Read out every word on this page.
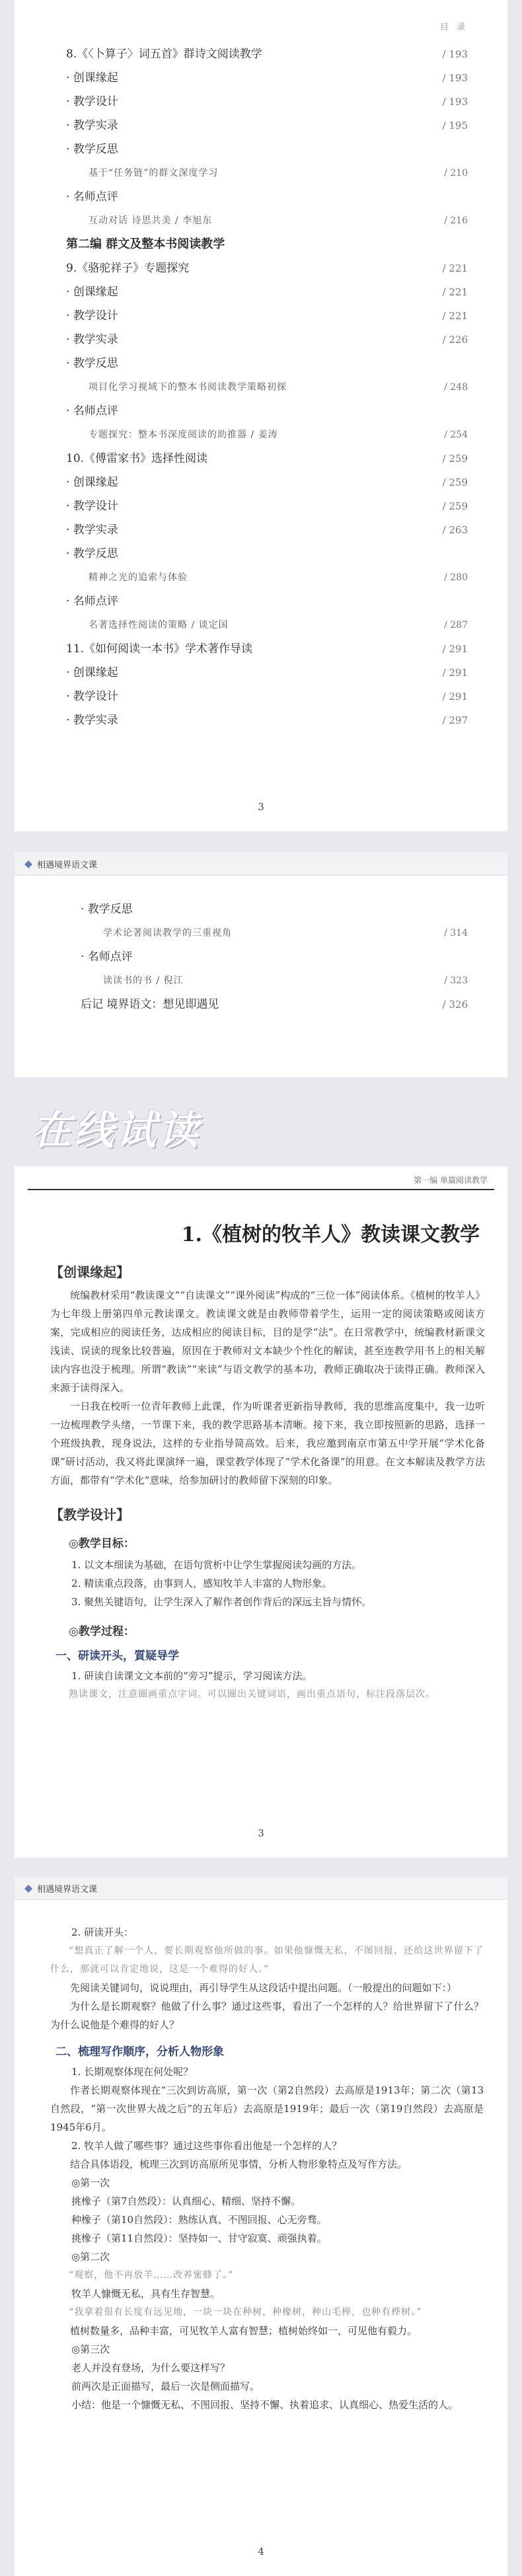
目 录
8.《〈卜算子〉词五首》群诗文阅读教学	/ 193
· 创课缘起	/ 193
· 教学设计	/ 193
· 教学实录	/ 195
· 教学反思
基于“任务链”的群文深度学习	/ 210
· 名师点评
互动对话 诗思共美 / 李旭东	/ 216
第二编 群文及整本书阅读教学
9.《骆驼祥子》专题探究	/ 221
· 创课缘起	/ 221
· 教学设计	/ 221
· 教学实录	/ 226
· 教学反思
项目化学习视域下的整本书阅读教学策略初探	/ 248
· 名师点评
专题探究：整本书深度阅读的助推器 / 姜涛	/ 254
10.《傅雷家书》选择性阅读	/ 259
· 创课缘起	/ 259
· 教学设计	/ 259
· 教学实录	/ 263
· 教学反思
精神之光的追索与体验	/ 280
· 名师点评
名著选择性阅读的策略 / 谈定国	/ 287
11.《如何阅读一本书》学术著作导读	/ 291
· 创课缘起	/ 291
· 教学设计	/ 291
· 教学实录	/ 297
3
相遇境界语文课
· 教学反思
学术论著阅读教学的三重视角	/ 314
· 名师点评
读读书的书 / 倪江	/ 323
后记 境界语文：想见即遇见	/ 326
在线试读
第一编 单篇阅读教学
1.《植树的牧羊人》教读课文教学
【创课缘起】
统编教材采用“教读课文”“自读课文”“课外阅读”构成的“三位一体”阅读体系。《植树的牧羊人》为七年级上册第四单元教读课文。教读课文就是由教师带着学生，运用一定的阅读策略或阅读方案，完成相应的阅读任务，达成相应的阅读目标，目的是学“法”。在日常教学中，统编教材新课文浅读、误读的现象比较普遍，原因在于教师对文本缺少个性化的解读，甚至连教学用书上的相关解读内容也没于梳理。所谓“教读”“来读”与语文教学的基本功，教师正确取决于读得正确。教师深入来源于读得深入。
一日我在校听一位青年教师上此课，作为听课者更新指导教师，我的思维高度集中，我一边听一边梳理教学头绪，一节课下来，我的教学思路基本清晰。接下来，我立即按照新的思路，选择一个班级执教，现身说法，这样的专业指导简高效。后来，我应邀到南京市第五中学开展“学术化备课”研讨活动，我又将此课演绎一遍，课堂教学体现了“学术化备课”的用意。在文本解读及教学方法方面，都带有“学术化”意味，给参加研讨的教师留下深刻的印象。
【教学设计】
◎教学目标：
1. 以文本细读为基础，在语句赏析中让学生掌握阅读勾画的方法。
2. 精读重点段落，由事到人，感知牧羊人丰富的人物形象。
3. 聚焦关键语句，让学生深入了解作者创作背后的深远主旨与情怀。
◎教学过程：
一、研读开头，質疑导学
1. 研读自读课文文本前的“旁习”提示，学习阅读方法。
熟读课文，注意圈画重点字词。可以圈出关键词语，画出重点语句，标注段落层次。
3
相遇境界语文课
2. 研读开头：
“想真正了解一个人，要长期观察他所做的事。如果他慷慨无私，不图回报，还给这世界留下了什么，那就可以肯定地说，这是一个难得的好人。”
先阅读关键词句，说说理由，再引导学生从这段话中提出问题。（一般提出的问题如下：）
为什么是长期观察？他做了什么事？通过这些事，看出了一个怎样的人？给世界留下了什么？为什么说他是个难得的好人？
二、梳理写作顺序，分析人物形象
1. 长期观察体现在何处呢？
作者长期观察体现在“三次到访高原，第一次（第2自然段）去高原是1913年；第二次（第13自然段，“第一次世界大战之后”的五年后）去高原是1919年；最后一次（第19自然段）去高原是1945年6月。
2. 牧羊人做了哪些事？通过这些事你看出他是一个怎样的人？
结合具体语段，梳理三次到访高原所见事情，分析人物形象特点及写作方法。
◎第一次
挑橡子（第7自然段）：认真细心、精细、坚持不懈。
种橡子（第10自然段）：熟练认真、不图回报、心无旁骛。
挑橡子（第11自然段）：坚持如一、甘守寂寞、顽强执着。
◎第二次
“观察，他不再放羊……改养蜜蜂了。”
牧羊人慷慨无私，具有生存智慧。
“我拿着很有长度有远见地，一块一块在种树，种橡树，种山毛榉，也种有桦树。”
植树数量多，品种丰富，可见牧羊人富有智慧；植树始终如一，可见他有毅力。
◎第三次
老人并没有登场，为什么要这样写？
前两次是正面描写，最后一次是侧面描写。
小结：他是一个慷慨无私、不图回报、坚持不懈、执着追求、认真细心、热爱生活的人。
4
